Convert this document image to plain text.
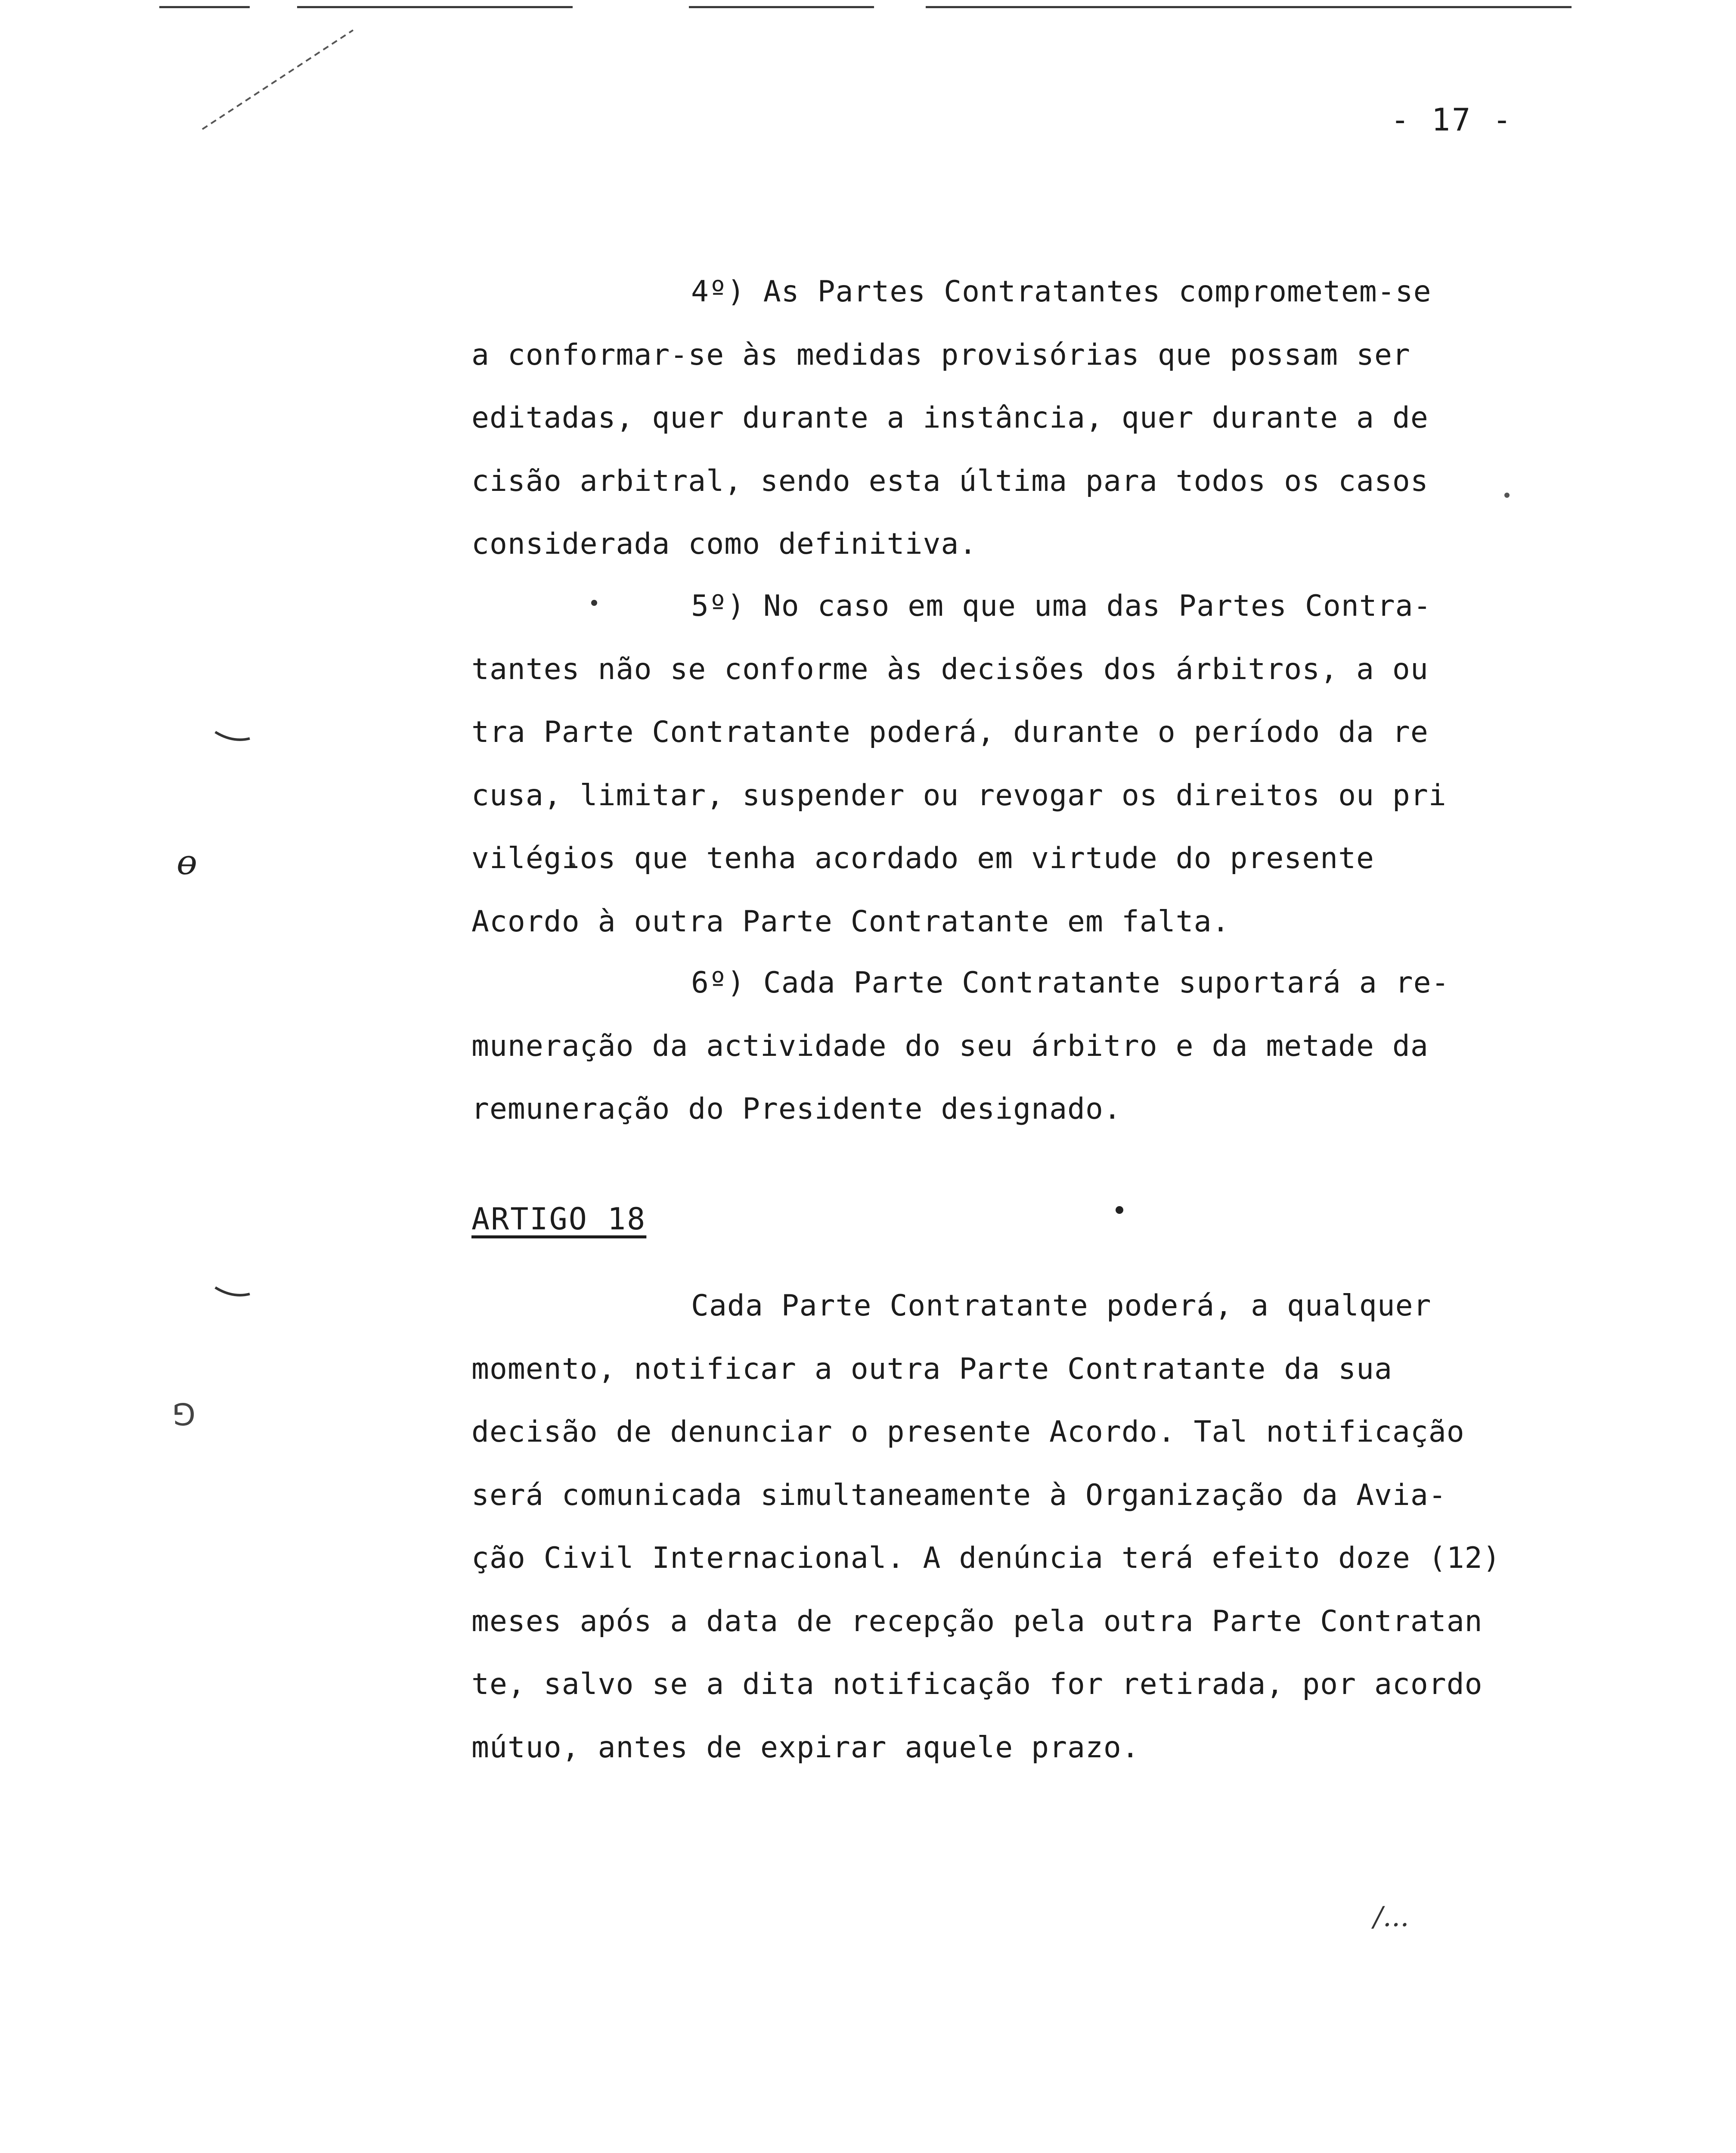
ɵ
⅁
- 17 -
4º) As Partes Contratantes comprometem-se
a conformar-se às medidas provisórias que possam ser
editadas, quer durante a instância, quer durante a de
cisão arbitral, sendo esta última para todos os casos
considerada como definitiva.
5º) No caso em que uma das Partes Contra-
tantes não se conforme às decisões dos árbitros, a ou
tra Parte Contratante poderá, durante o período da re
cusa, limitar, suspender ou revogar os direitos ou pri
vilégios que tenha acordado em virtude do presente
Acordo à outra Parte Contratante em falta.
6º) Cada Parte Contratante suportará a re-
muneração da actividade do seu árbitro e da metade da
remuneração do Presidente designado.
ARTIGO 18
Cada Parte Contratante poderá, a qualquer
momento, notificar a outra Parte Contratante da sua
decisão de denunciar o presente Acordo. Tal notificação
será comunicada simultaneamente à Organização da Avia-
ção Civil Internacional. A denúncia terá efeito doze (12)
meses após a data de recepção pela outra Parte Contratan
te, salvo se a dita notificação for retirada, por acordo
mútuo, antes de expirar aquele prazo.
/...
